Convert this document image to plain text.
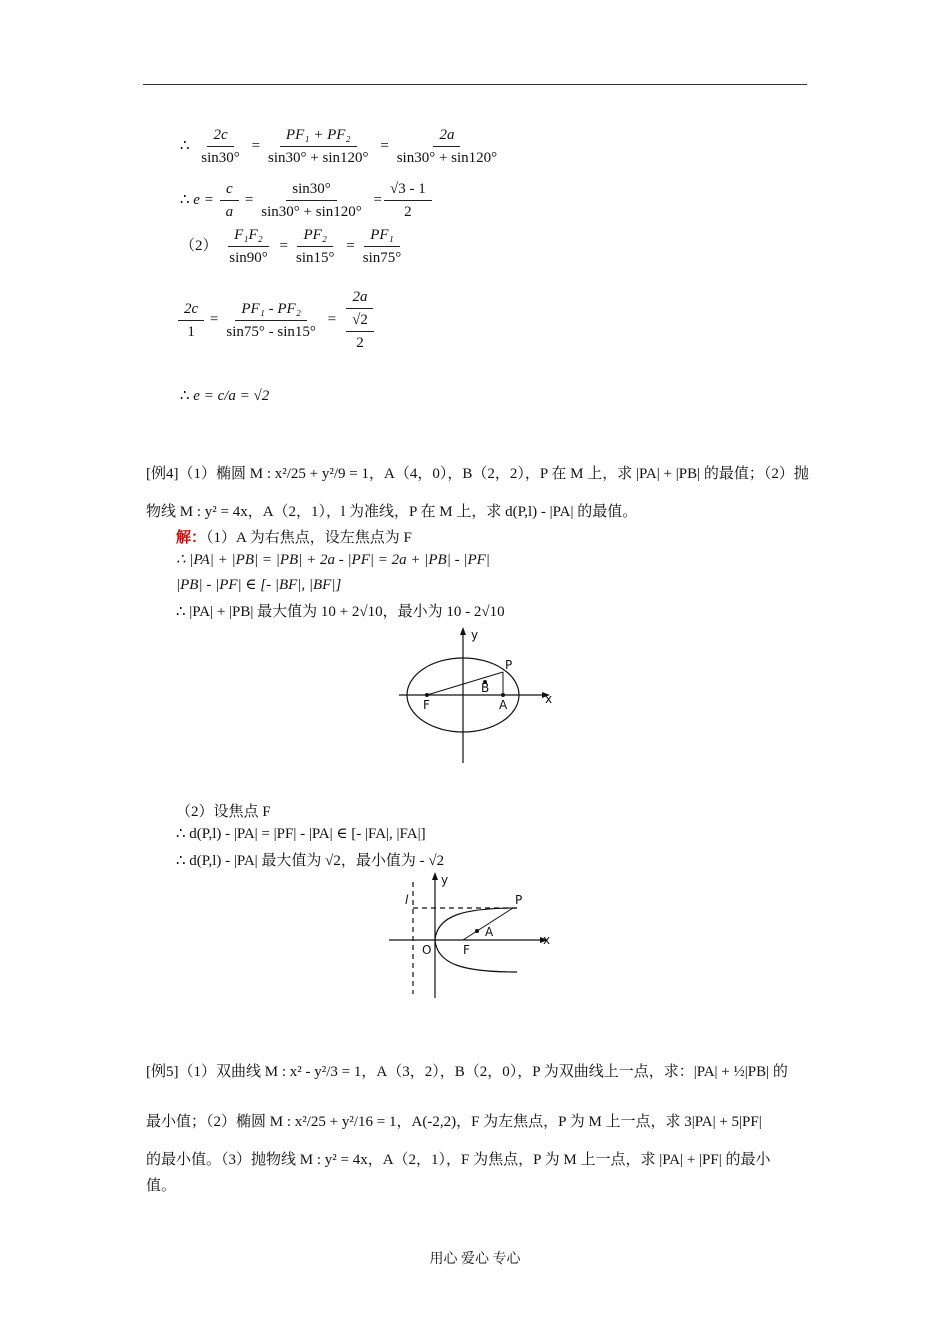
∴ $\frac{2c}{\sin 30^\circ} = \frac{\text{PF₁ + PF₂}}{\sin 30^\circ + \sin 120^\circ} = \frac{2a}{\sin 30^\circ + \sin 120^\circ}$
∴ $e = \frac{c}{a} = \frac{\sin 30^\circ}{\sin 30^\circ + \sin 120^\circ} = \frac{√3 - 1}{2}$
$(2) \frac{\text{F₁F₂}}{\sin 90^\circ} = \frac{\text{PF₂}}{\sin 15^\circ} = \frac{\text{PF₁}}{\sin 75^\circ}$
$\frac{2c}{1} = \frac{\text{PF₁ - PF₂}}{\sin 75^\circ - \sin 15^\circ} = \frac{2a}{\frac{√2}{2}}$
∴ e = c/a = √2
[例4]（1）椭圆 M : x²/25 + y²/9 = 1，A（4，0），B（2，2），P 在 M 上，求 |PA| + |PB| 的最值；（2）抛
物线 M : y² = 4x，A（2，1），l 为准线，P 在 M 上，求 d(P,l) - |PA| 的最值。
解：（1）A 为右焦点，设左焦点为 F
∴ |PA| + |PB| = |PB| + 2a - |PF| = 2a + |PB| - |PF|
|PB| - |PF| ∈ [- |BF|, |BF|]
∴ |PA| + |PB| 最大值为 10 + 2√10，最小为 10 - 2√10
y
x
P
B
F	A
（2）设焦点 F
∴ d(P,l) - |PA| = |PF| - |PA| ∈ [- |FA|, |FA|]
∴ d(P,l) - |PA| 最大值为 √2，最小值为 - √2
y
x
l	P
A
O	F
[例5]（1）双曲线 M : x² - y²/3 = 1，A（3，2），B（2，0），P 为双曲线上一点，求：|PA| + ½|PB| 的
最小值；（2）椭圆 M : x²/25 + y²/16 = 1，A(-2,2)，F 为左焦点，P 为 M 上一点，求 3|PA| + 5|PF|
的最小值。（3）抛物线 M : y² = 4x，A（2，1），F 为焦点，P 为 M 上一点，求 |PA| + |PF| 的最小
值。
用心 爱心 专心
